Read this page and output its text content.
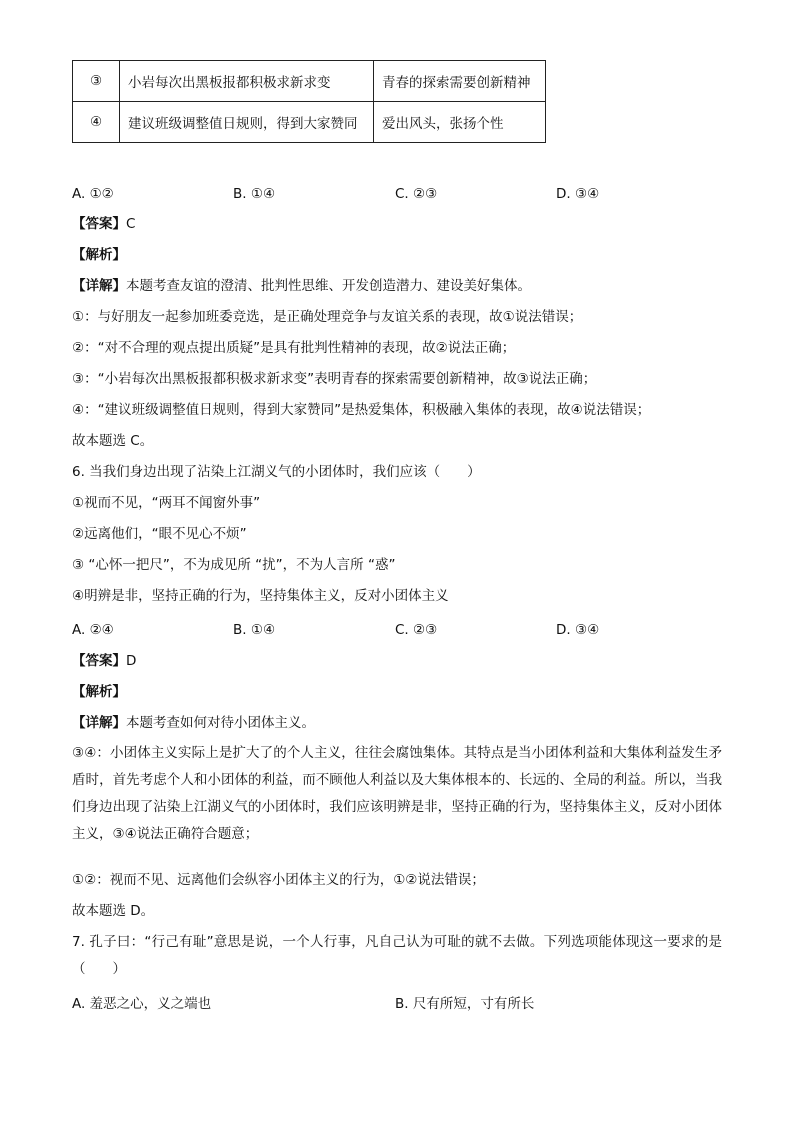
③	小岩每次出黑板报都积极求新求变	青春的探索需要创新精神
④	建议班级调整值日规则，得到大家赞同	爱出风头，张扬个性
A. ①②	B. ①④	C. ②③	D. ③④
【答案】C
【解析】
【详解】本题考查友谊的澄清、批判性思维、开发创造潜力、建设美好集体。
①：与好朋友一起参加班委竞选，是正确处理竞争与友谊关系的表现，故①说法错误；
②：“对不合理的观点提出质疑”是具有批判性精神的表现，故②说法正确；
③：“小岩每次出黑板报都积极求新求变”表明青春的探索需要创新精神，故③说法正确；
④：“建议班级调整值日规则，得到大家赞同”是热爱集体，积极融入集体的表现，故④说法错误；
故本题选 C。
6. 当我们身边出现了沾染上江湖义气的小团体时，我们应该（　　）
①视而不见，“两耳不闻窗外事”
②远离他们，“眼不见心不烦”
③ “心怀一把尺”，不为成见所 “扰”，不为人言所 “惑”
④明辨是非，坚持正确的行为，坚持集体主义，反对小团体主义
A. ②④	B. ①④	C. ②③	D. ③④
【答案】D
【解析】
【详解】本题考查如何对待小团体主义。
③④：小团体主义实际上是扩大了的个人主义，往往会腐蚀集体。其特点是当小团体利益和大集体利益发生矛盾时，首先考虑个人和小团体的利益，而不顾他人利益以及大集体根本的、长远的、全局的利益。所以，当我们身边出现了沾染上江湖义气的小团体时，我们应该明辨是非，坚持正确的行为，坚持集体主义，反对小团体主义，③④说法正确符合题意；
①②：视而不见、远离他们会纵容小团体主义的行为，①②说法错误；
故本题选 D。
7. 孔子曰：“行己有耻”意思是说，一个人行事，凡自己认为可耻的就不去做。下列选项能体现这一要求的是（　　）
A. 羞恶之心，义之端也	B. 尺有所短，寸有所长
